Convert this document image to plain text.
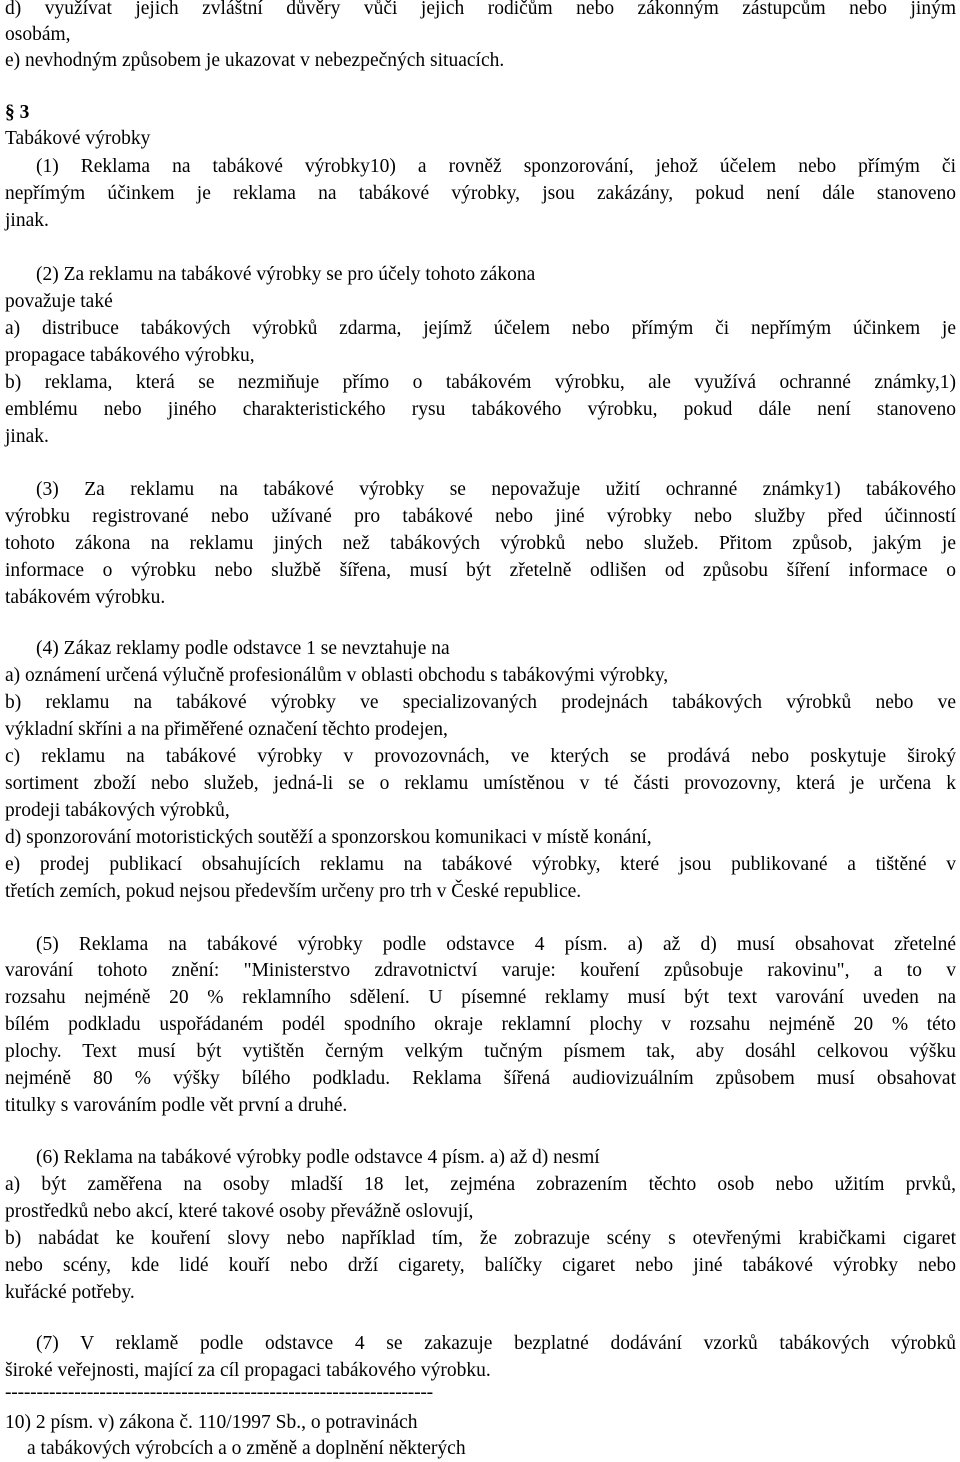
d) využívat jejich zvláštní důvěry vůči jejich rodičům nebo zákonným zástupcům nebo jiným
osobám,
e) nevhodným způsobem je ukazovat v nebezpečných situacích.
§ 3
Tabákové výrobky
(1) Reklama na tabákové výrobky10) a rovněž sponzorování, jehož účelem nebo přímým či
nepřímým účinkem je reklama na tabákové výrobky, jsou zakázány, pokud není dále stanoveno
jinak.
(2) Za reklamu na tabákové výrobky se pro účely tohoto zákona
považuje také
a) distribuce tabákových výrobků zdarma, jejímž účelem nebo přímým či nepřímým účinkem je
propagace tabákového výrobku,
b) reklama, která se nezmiňuje přímo o tabákovém výrobku, ale využívá ochranné známky,1)
emblému nebo jiného charakteristického rysu tabákového výrobku, pokud dále není stanoveno
jinak.
(3) Za reklamu na tabákové výrobky se nepovažuje užití ochranné známky1) tabákového
výrobku registrované nebo užívané pro tabákové nebo jiné výrobky nebo služby před účinností
tohoto zákona na reklamu jiných než tabákových výrobků nebo služeb. Přitom způsob, jakým je
informace o výrobku nebo službě šířena, musí být zřetelně odlišen od způsobu šíření informace o
tabákovém výrobku.
(4) Zákaz reklamy podle odstavce 1 se nevztahuje na
a) oznámení určená výlučně profesionálům v oblasti obchodu s tabákovými výrobky,
b) reklamu na tabákové výrobky ve specializovaných prodejnách tabákových výrobků nebo ve
výkladní skříni a na přiměřené označení těchto prodejen,
c) reklamu na tabákové výrobky v provozovnách, ve kterých se prodává nebo poskytuje široký
sortiment zboží nebo služeb, jedná-li se o reklamu umístěnou v té části provozovny, která je určena k
prodeji tabákových výrobků,
d) sponzorování motoristických soutěží a sponzorskou komunikaci v místě konání,
e) prodej publikací obsahujících reklamu na tabákové výrobky, které jsou publikované a tištěné v
třetích zemích, pokud nejsou především určeny pro trh v České republice.
(5) Reklama na tabákové výrobky podle odstavce 4 písm. a) až d) musí obsahovat zřetelné
varování tohoto znění: "Ministerstvo zdravotnictví varuje: kouření způsobuje rakovinu", a to v
rozsahu nejméně 20 % reklamního sdělení. U písemné reklamy musí být text varování uveden na
bílém podkladu uspořádaném podél spodního okraje reklamní plochy v rozsahu nejméně 20 % této
plochy. Text musí být vytištěn černým velkým tučným písmem tak, aby dosáhl celkovou výšku
nejméně 80 % výšky bílého podkladu. Reklama šířená audiovizuálním způsobem musí obsahovat
titulky s varováním podle vět první a druhé.
(6) Reklama na tabákové výrobky podle odstavce 4 písm. a) až d) nesmí
a) být zaměřena na osoby mladší 18 let, zejména zobrazením těchto osob nebo užitím prvků,
prostředků nebo akcí, které takové osoby převážně oslovují,
b) nabádat ke kouření slovy nebo například tím, že zobrazuje scény s otevřenými krabičkami cigaret
nebo scény, kde lidé kouří nebo drží cigarety, balíčky cigaret nebo jiné tabákové výrobky nebo
kuřácké potřeby.
(7) V reklamě podle odstavce 4 se zakazuje bezplatné dodávání vzorků tabákových výrobků
široké veřejnosti, mající za cíl propagaci tabákového výrobku.
--------------------------------------------------------------------
10) 2 písm. v) zákona č. 110/1997 Sb., o potravinách
a tabákových výrobcích a o změně a doplnění některých
